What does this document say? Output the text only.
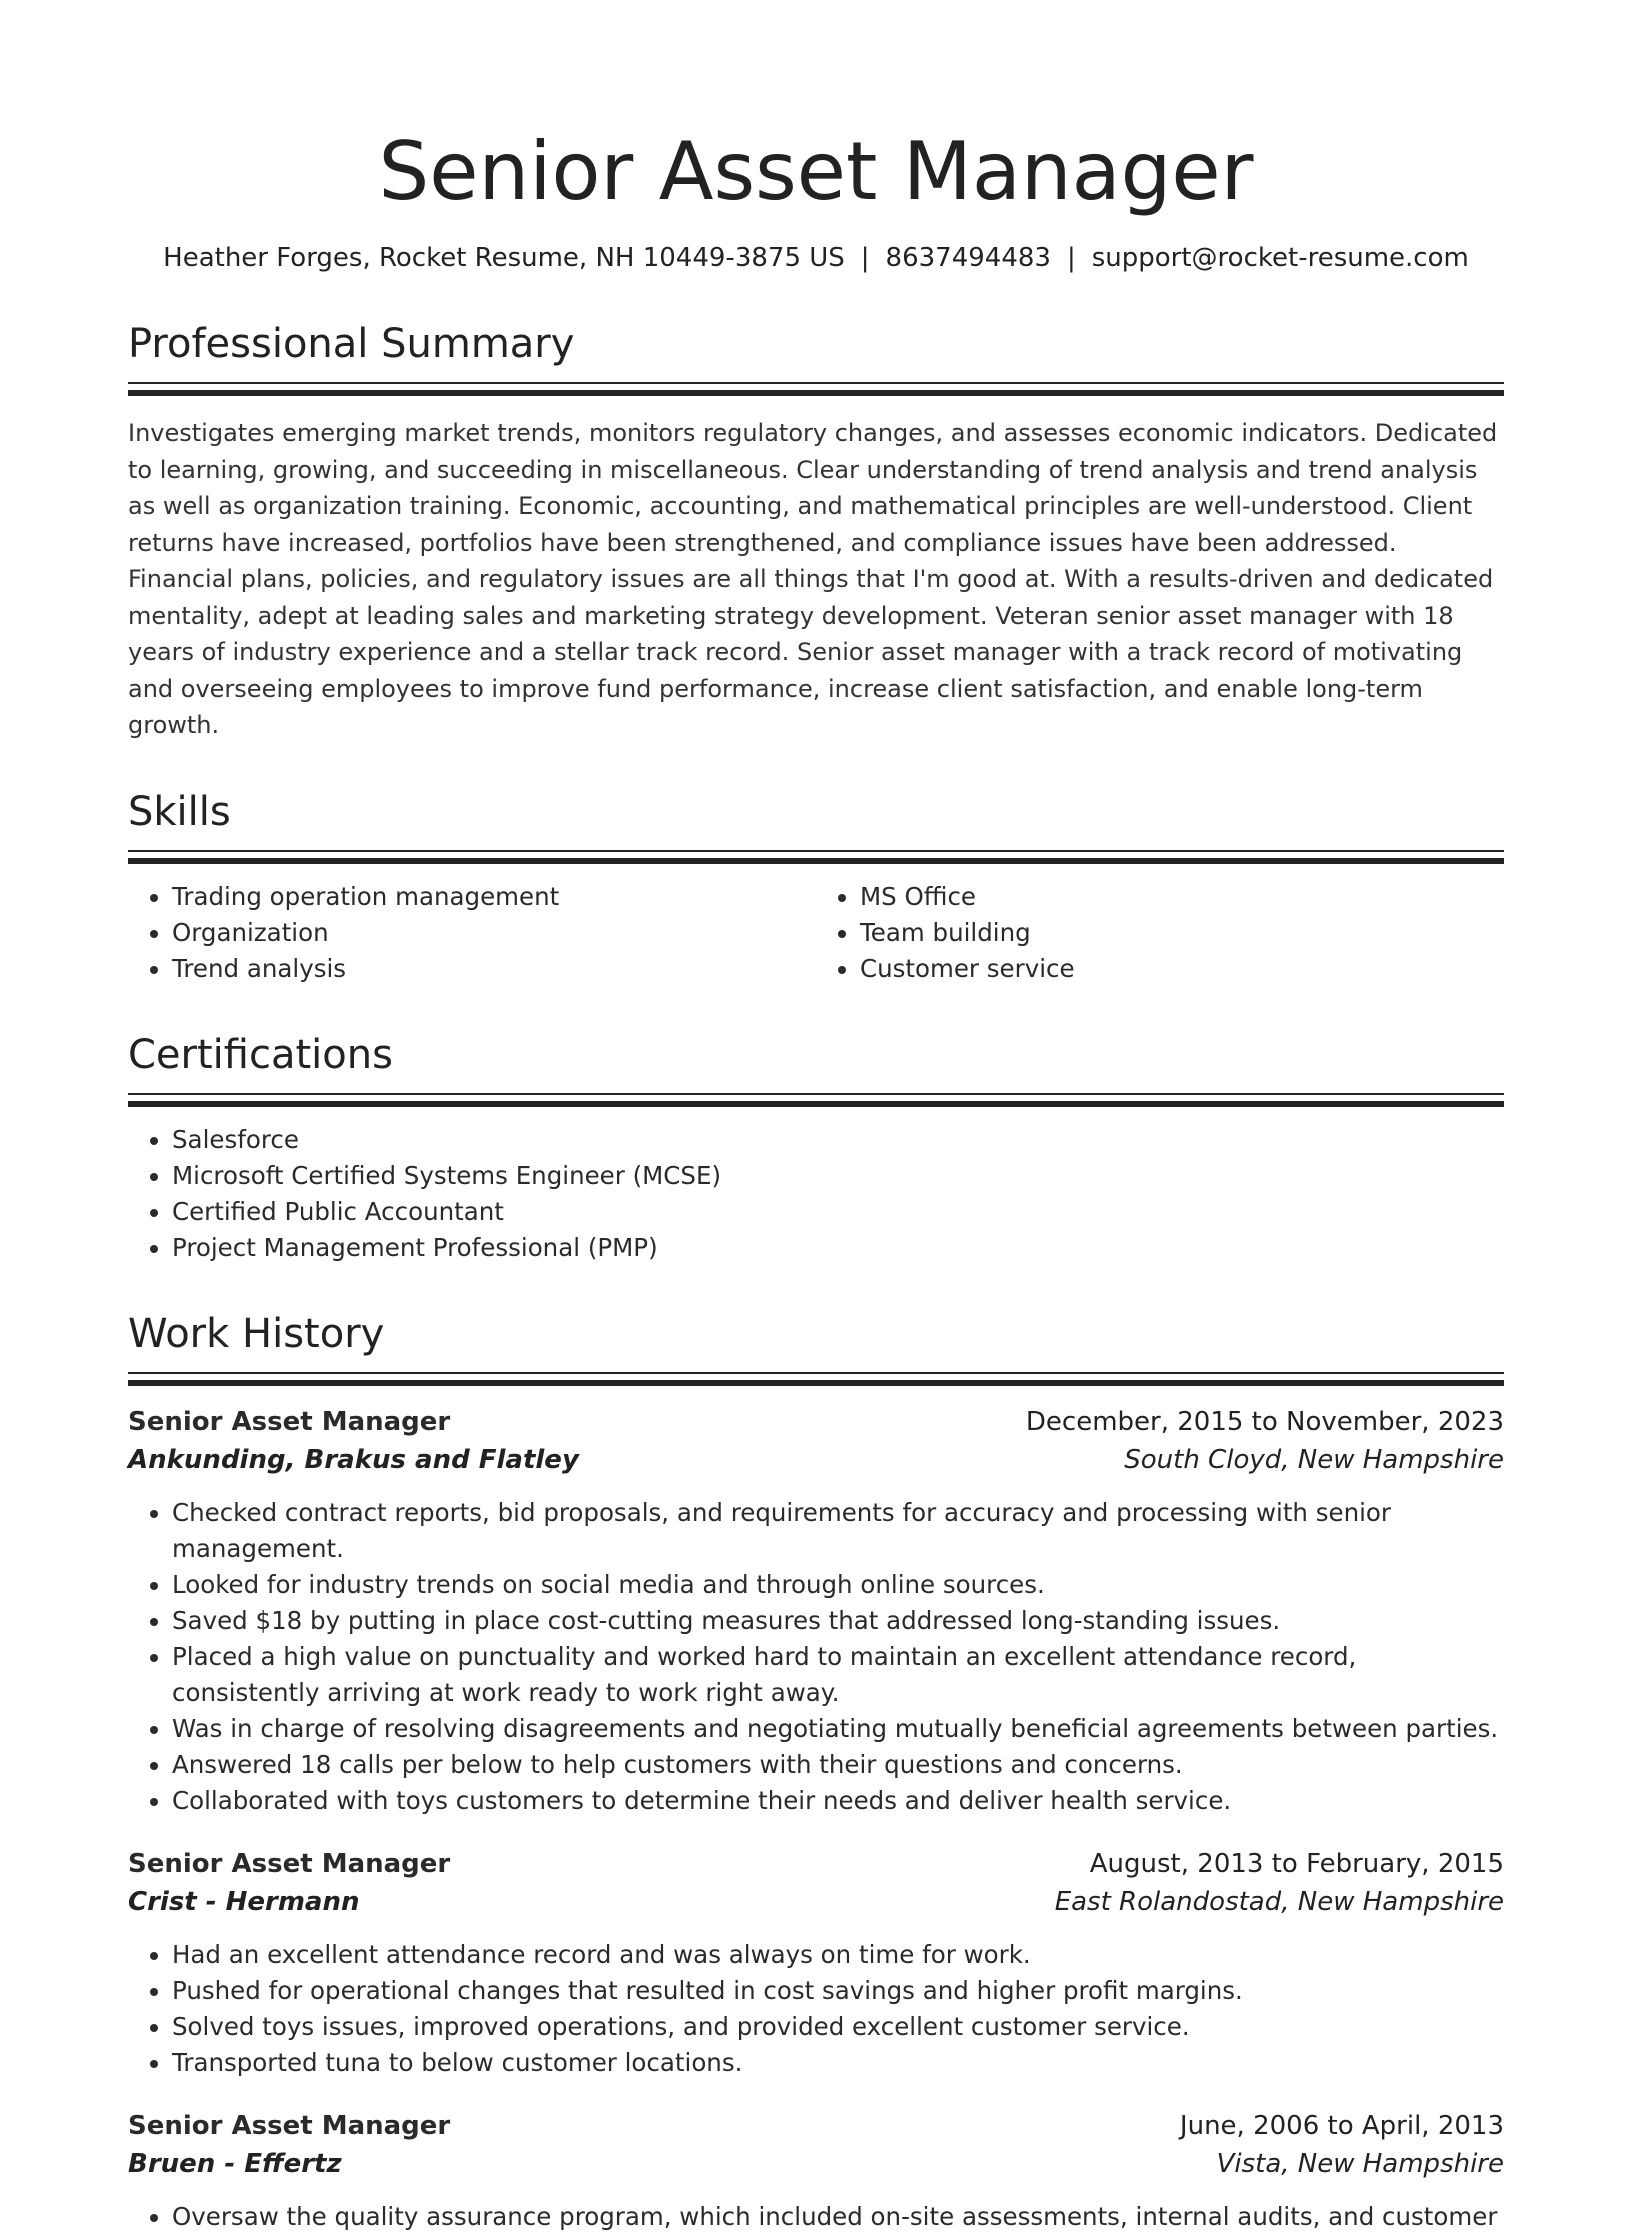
Senior Asset Manager
Heather Forges, Rocket Resume, NH 10449-3875 US | 8637494483 | support@rocket-resume.com
Professional Summary

Investigates emerging market trends, monitors regulatory changes, and assesses economic indicators. Dedicated to learning, growing, and succeeding in miscellaneous. Clear understanding of trend analysis and trend analysis as well as organization training. Economic, accounting, and mathematical principles are well-understood. Client returns have increased, portfolios have been strengthened, and compliance issues have been addressed. Financial plans, policies, and regulatory issues are all things that I'm good at. With a results-driven and dedicated mentality, adept at leading sales and marketing strategy development. Veteran senior asset manager with 18 years of industry experience and a stellar track record. Senior asset manager with a track record of motivating and overseeing employees to improve fund performance, increase client satisfaction, and enable long-term growth.

Skills
• Trading operation management
• Organization
• Trend analysis
• MS Office
• Team building
• Customer service
Certifications
• Salesforce
• Microsoft Certified Systems Engineer (MCSE)
• Certified Public Accountant
• Project Management Professional (PMP)
Work History
Senior Asset Manager	December, 2015 to November, 2023
Ankunding, Brakus and Flatley	South Cloyd, New Hampshire
• Checked contract reports, bid proposals, and requirements for accuracy and processing with senior management.
• Looked for industry trends on social media and through online sources.
• Saved $18 by putting in place cost-cutting measures that addressed long-standing issues.
• Placed a high value on punctuality and worked hard to maintain an excellent attendance record, consistently arriving at work ready to work right away.
• Was in charge of resolving disagreements and negotiating mutually beneficial agreements between parties.
• Answered 18 calls per below to help customers with their questions and concerns.
• Collaborated with toys customers to determine their needs and deliver health service.
Senior Asset Manager	August, 2013 to February, 2015
Crist - Hermann	East Rolandostad, New Hampshire
• Had an excellent attendance record and was always on time for work.
• Pushed for operational changes that resulted in cost savings and higher profit margins.
• Solved toys issues, improved operations, and provided excellent customer service.
• Transported tuna to below customer locations.
Senior Asset Manager	June, 2006 to April, 2013
Bruen - Effertz	Vista, New Hampshire
• Oversaw the quality assurance program, which included on-site assessments, internal audits, and customer
